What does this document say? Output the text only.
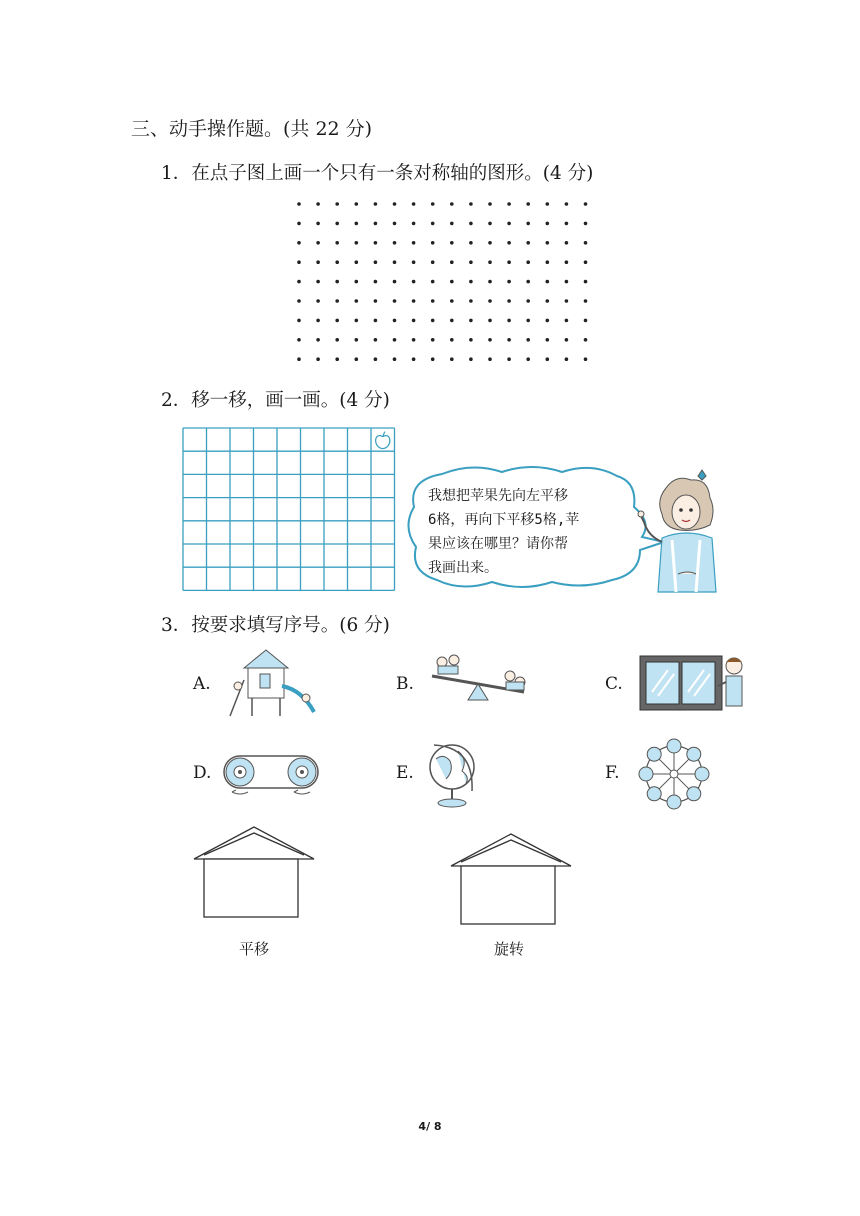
三、动手操作题。(共 22 分)
1．在点子图上画一个只有一条对称轴的图形。(4 分)
2．移一移，画一画。(4 分)
我想把苹果先向左平移
6格，再向下平移5格,苹
果应该在哪里？请你帮
我画出来。
3．按要求填写序号。(6 分)
A.	B.	C.
D.	E.	F.
平移	旋转
4/ 8
